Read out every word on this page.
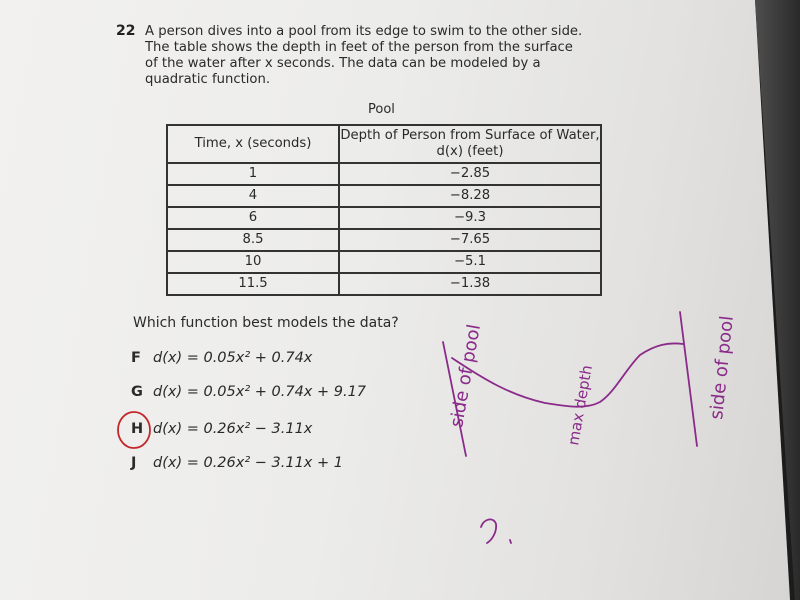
22 A person dives into a pool from its edge to swim to the other side.
The table shows the depth in feet of the person from the surface
of the water after x seconds. The data can be modeled by a
quadratic function.
Pool
Time, x (seconds)	Depth of Person from Surface of Water, d(x) (feet)
1	−2.85
4	−8.28
6	−9.3
8.5	−7.65
10	−5.1
11.5	−1.38
Which function best models the data?
F d(x) = 0.05x² + 0.74x
G d(x) = 0.05x² + 0.74x + 9.17
H d(x) = 0.26x² − 3.11x
J d(x) = 0.26x² − 3.11x + 1
side of pool	max depth	side of pool
